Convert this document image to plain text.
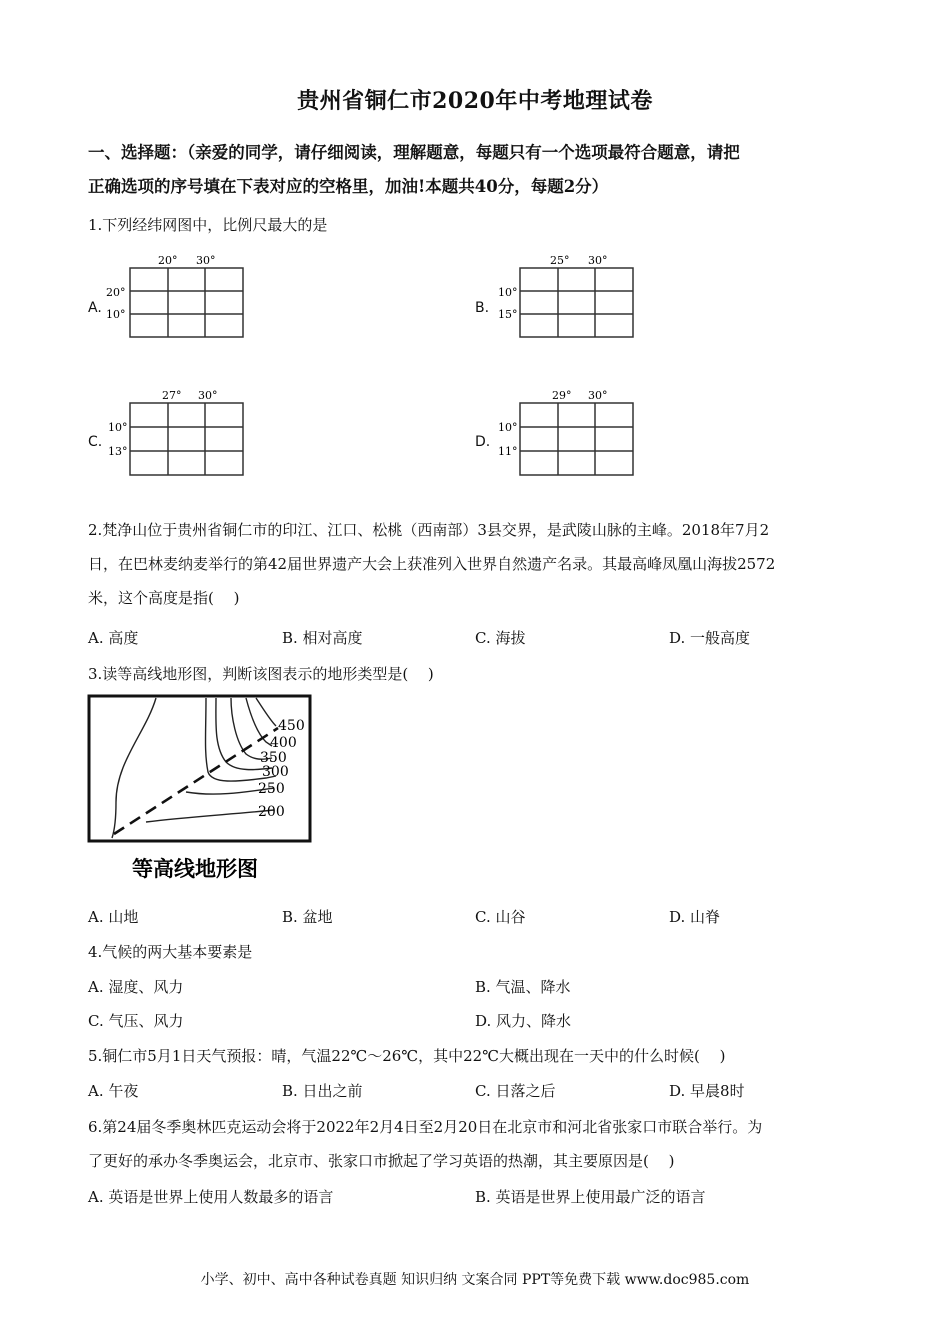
贵州省铜仁市2020年中考地理试卷
一、选择题：（亲爱的同学，请仔细阅读，理解题意，每题只有一个选项最符合题意，请把
正确选项的序号填在下表对应的空格里，加油!本题共40分，每题2分）
1.下列经纬网图中，比例尺最大的是
A.
20° 30°
20°
10°	B.
25° 30°
10°
15°
C.
27° 30°
10°
13°
D.
29° 30°
10°
11°
2.梵净山位于贵州省铜仁市的印江、江口、松桃（西南部）3县交界，是武陵山脉的主峰。2018年7月2
日，在巴林麦纳麦举行的第42届世界遗产大会上获准列入世界自然遗产名录。其最高峰凤凰山海拔2572
米，这个高度是指(　 )
A. 高度	B. 相对高度	C. 海拔	D. 一般高度
3.读等高线地形图，判断该图表示的地形类型是(　 )
450
400
350
300
250
200
等高线地形图
A. 山地	B. 盆地	C. 山谷	D. 山脊
4.气候的两大基本要素是
A. 湿度、风力	B. 气温、降水
C. 气压、风力	D. 风力、降水
5.铜仁市5月1日天气预报：晴，气温22℃～26℃，其中22℃大概出现在一天中的什么时候(　 )
A. 午夜	B. 日出之前	C. 日落之后	D. 早晨8时
6.第24届冬季奥林匹克运动会将于2022年2月4日至2月20日在北京市和河北省张家口市联合举行。为
了更好的承办冬季奥运会，北京市、张家口市掀起了学习英语的热潮，其主要原因是(　 )
A. 英语是世界上使用人数最多的语言	B. 英语是世界上使用最广泛的语言
小学、初中、高中各种试卷真题 知识归纳 文案合同 PPT等免费下载 www.doc985.com
